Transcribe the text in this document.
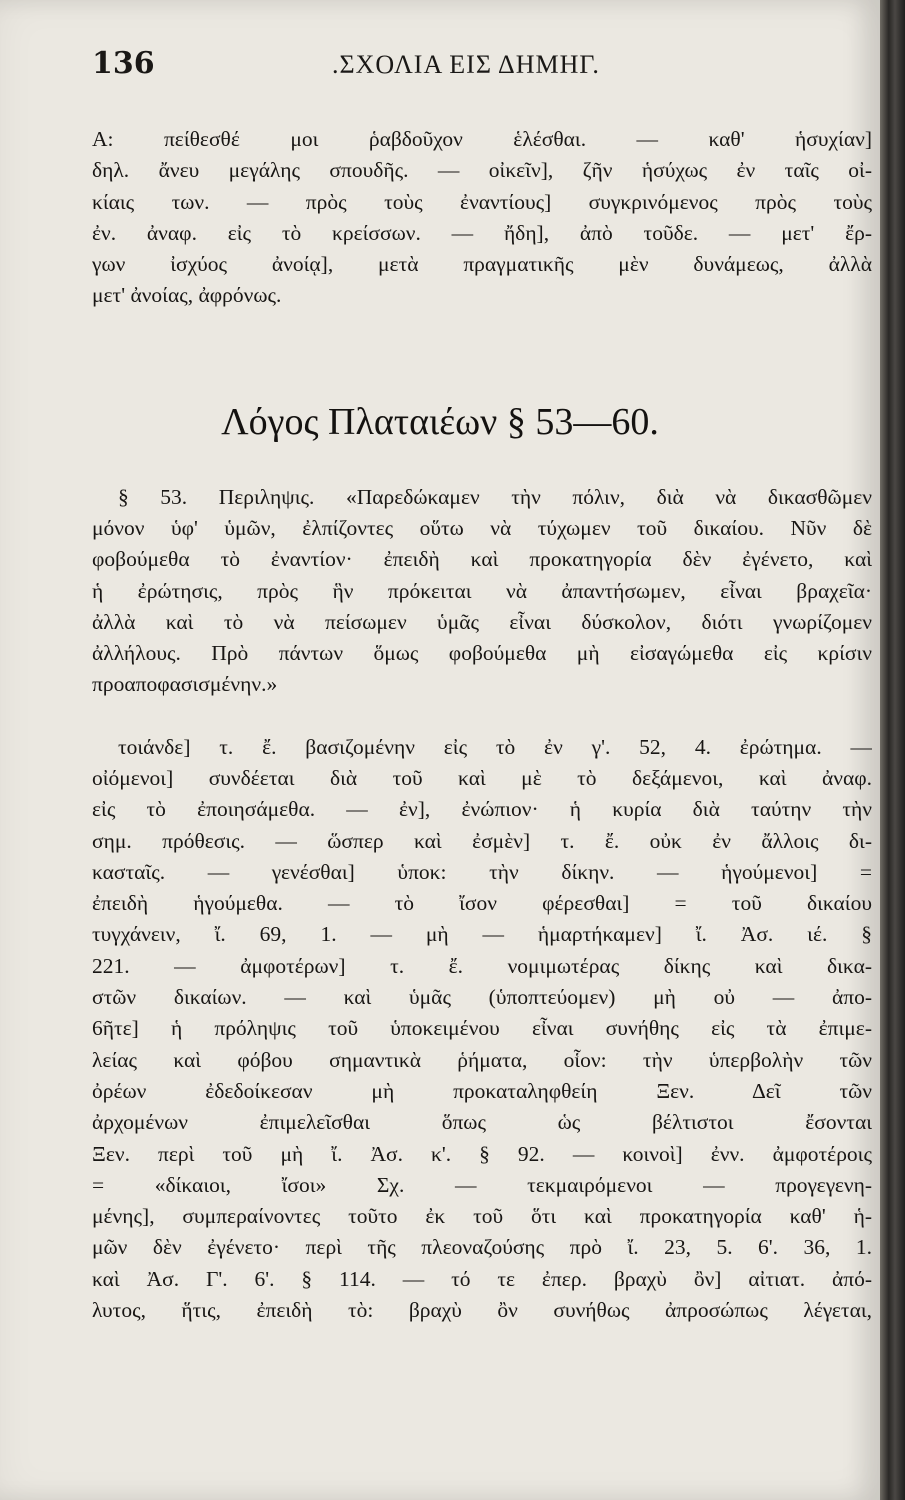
136	.ΣΧΟΛΙΑ ΕΙΣ ΔΗΜΗΓ.
A: πείθεσθέ μοι ῥαβδοῦχον ἑλέσθαι. — καθ' ἡσυχίαν]
δηλ. ἄνευ μεγάλης σπουδῆς. — οἰκεῖν], ζῆν ἡσύχως ἐν ταῖς οἰ-
κίαις των. — πρὸς τοὺς ἐναντίους] συγκρινόμενος πρὸς τοὺς
ἐν. ἀναφ. εἰς τὸ κρείσσων. — ἤδη], ἀπὸ τοῦδε. — μετ' ἔρ-
γων ἰσχύος ἀνοίᾳ], μετὰ πραγματικῆς μὲν δυνάμεως, ἀλλὰ
μετ' ἀνοίας, ἀφρόνως.
Λόγος Πλαταιέων § 53—60.
§ 53. Περιληψις. «Παρεδώκαμεν τὴν πόλιν, διὰ νὰ δικασθῶμεν
μόνον ὑφ' ὑμῶν, ἐλπίζοντες οὕτω νὰ τύχωμεν τοῦ δικαίου. Νῦν δὲ
φοβούμεθα τὸ ἐναντίον· ἐπειδὴ καὶ προκατηγορία δὲν ἐγένετο, καὶ
ἡ ἐρώτησις, πρὸς ἣν πρόκειται νὰ ἀπαντήσωμεν, εἶναι βραχεῖα·
ἀλλὰ καὶ τὸ νὰ πείσωμεν ὑμᾶς εἶναι δύσκολον, διότι γνωρίζομεν
ἀλλήλους. Πρὸ πάντων ὅμως φοβούμεθα μὴ εἰσαγώμεθα εἰς κρίσιν
προαποφασισμένην.»
τοιάνδε] τ. ἔ. βασιζομένην εἰς τὸ ἐν γ'. 52, 4. ἐρώτημα. —
οἰόμενοι] συνδέεται διὰ τοῦ καὶ μὲ τὸ δεξάμενοι, καὶ ἀναφ.
εἰς τὸ ἐποιησάμεθα. — ἐν], ἐνώπιον· ἡ κυρία διὰ ταύτην τὴν
σημ. πρόθεσις. — ὥσπερ καὶ ἐσμὲν] τ. ἔ. οὐκ ἐν ἄλλοις δι-
κασταῖς. — γενέσθαι] ὑποκ: τὴν δίκην. — ἡγούμενοι] =
ἐπειδὴ ἡγούμεθα. — τὸ ἴσον φέρεσθαι] = τοῦ δικαίου
τυγχάνειν, ἴ. 69, 1. — μὴ — ἡμαρτήκαμεν] ἴ. Ἀσ. ιέ. §
221. — ἀμφοτέρων] τ. ἔ. νομιμωτέρας δίκης καὶ δικα-
στῶν δικαίων. — καὶ ὑμᾶς (ὑποπτεύομεν) μὴ οὐ — ἀπο-
6ῆτε] ἡ πρόληψις τοῦ ὑποκειμένου εἶναι συνήθης εἰς τὰ ἐπιμε-
λείας καὶ φόβου σημαντικὰ ῥήματα, οἷον: τὴν ὑπερβολὴν τῶν
ὀρέων ἐδεδοίκεσαν μὴ προκαταληφθείη Ξεν. Δεῖ τῶν
ἀρχομένων ἐπιμελεῖσθαι ὅπως ὡς βέλτιστοι ἔσονται
Ξεν. περὶ τοῦ μὴ ἴ. Ἀσ. κ'. § 92. — κοινοὶ] ἐνν. ἀμφοτέροις
= «δίκαιοι, ἴσοι» Σχ. — τεκμαιρόμενοι — προγεγενη-
μένης], συμπεραίνοντες τοῦτο ἐκ τοῦ ὅτι καὶ προκατηγορία καθ' ἡ-
μῶν δὲν ἐγένετο· περὶ τῆς πλεοναζούσης πρὸ ἴ. 23, 5. 6'. 36, 1.
καὶ Ἀσ. Γ'. 6'. § 114. — τό τε ἐπερ. βραχὺ ὂν] αἰτιατ. ἀπό-
λυτος, ἥτις, ἐπειδὴ τὸ: βραχὺ ὂν συνήθως ἀπροσώπως λέγεται,
